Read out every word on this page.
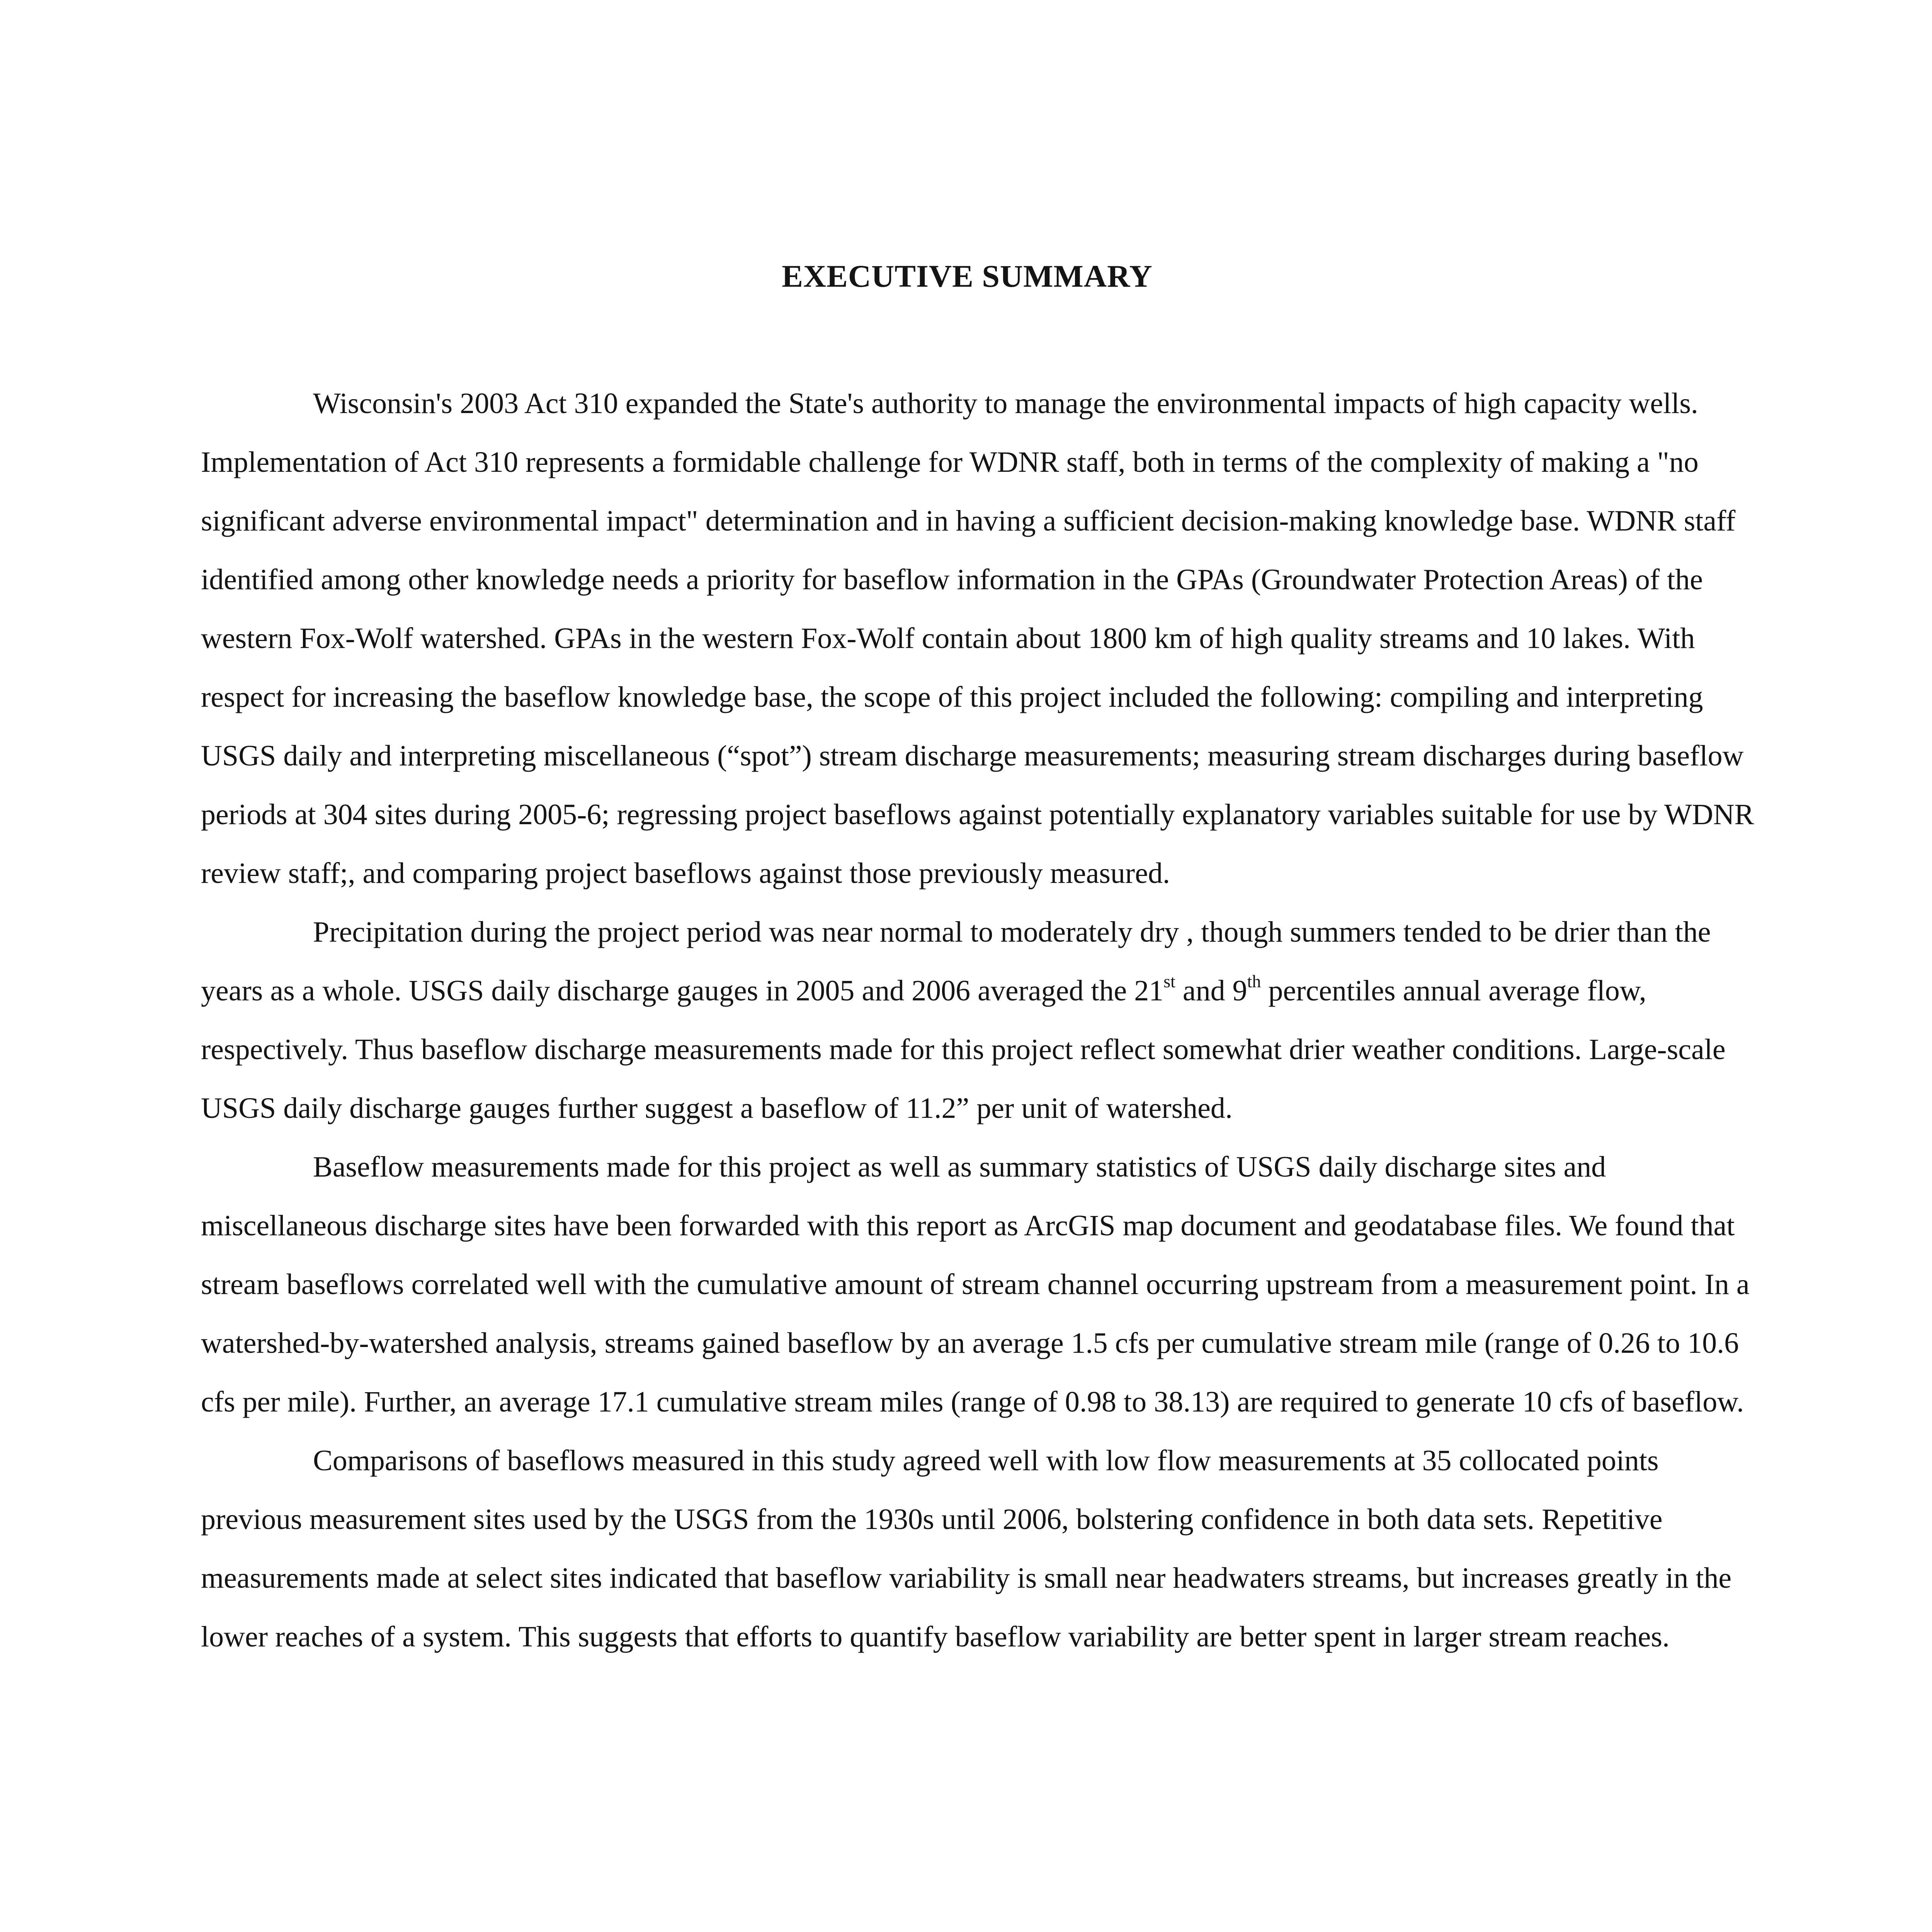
EXECUTIVE SUMMARY

Wisconsin's 2003 Act 310 expanded the State's authority to manage the environmental impacts of high capacity wells. Implementation of Act 310 represents a formidable challenge for WDNR staff, both in terms of the complexity of making a "no significant adverse environmental impact" determination and in having a sufficient decision-making knowledge base. WDNR staff identified among other knowledge needs a priority for baseflow information in the GPAs (Groundwater Protection Areas) of the western Fox-Wolf watershed. GPAs in the western Fox-Wolf contain about 1800 km of high quality streams and 10 lakes. With respect for increasing the baseflow knowledge base, the scope of this project included the following: compiling and interpreting USGS daily and interpreting miscellaneous (“spot”) stream discharge measurements; measuring stream discharges during baseflow periods at 304 sites during 2005-6; regressing project baseflows against potentially explanatory variables suitable for use by WDNR review staff;, and comparing project baseflows against those previously measured.

Precipitation during the project period was near normal to moderately dry , though summers tended to be drier than the years as a whole. USGS daily discharge gauges in 2005 and 2006 averaged the 21st and 9th percentiles annual average flow, respectively. Thus baseflow discharge measurements made for this project reflect somewhat drier weather conditions. Large-scale USGS daily discharge gauges further suggest a baseflow of 11.2” per unit of watershed.

Baseflow measurements made for this project as well as summary statistics of USGS daily discharge sites and miscellaneous discharge sites have been forwarded with this report as ArcGIS map document and geodatabase files. We found that stream baseflows correlated well with the cumulative amount of stream channel occurring upstream from a measurement point. In a watershed-by-watershed analysis, streams gained baseflow by an average 1.5 cfs per cumulative stream mile (range of 0.26 to 10.6 cfs per mile). Further, an average 17.1 cumulative stream miles (range of 0.98 to 38.13) are required to generate 10 cfs of baseflow.

Comparisons of baseflows measured in this study agreed well with low flow measurements at 35 collocated points previous measurement sites used by the USGS from the 1930s until 2006, bolstering confidence in both data sets. Repetitive measurements made at select sites indicated that baseflow variability is small near headwaters streams, but increases greatly in the lower reaches of a system. This suggests that efforts to quantify baseflow variability are better spent in larger stream reaches.
